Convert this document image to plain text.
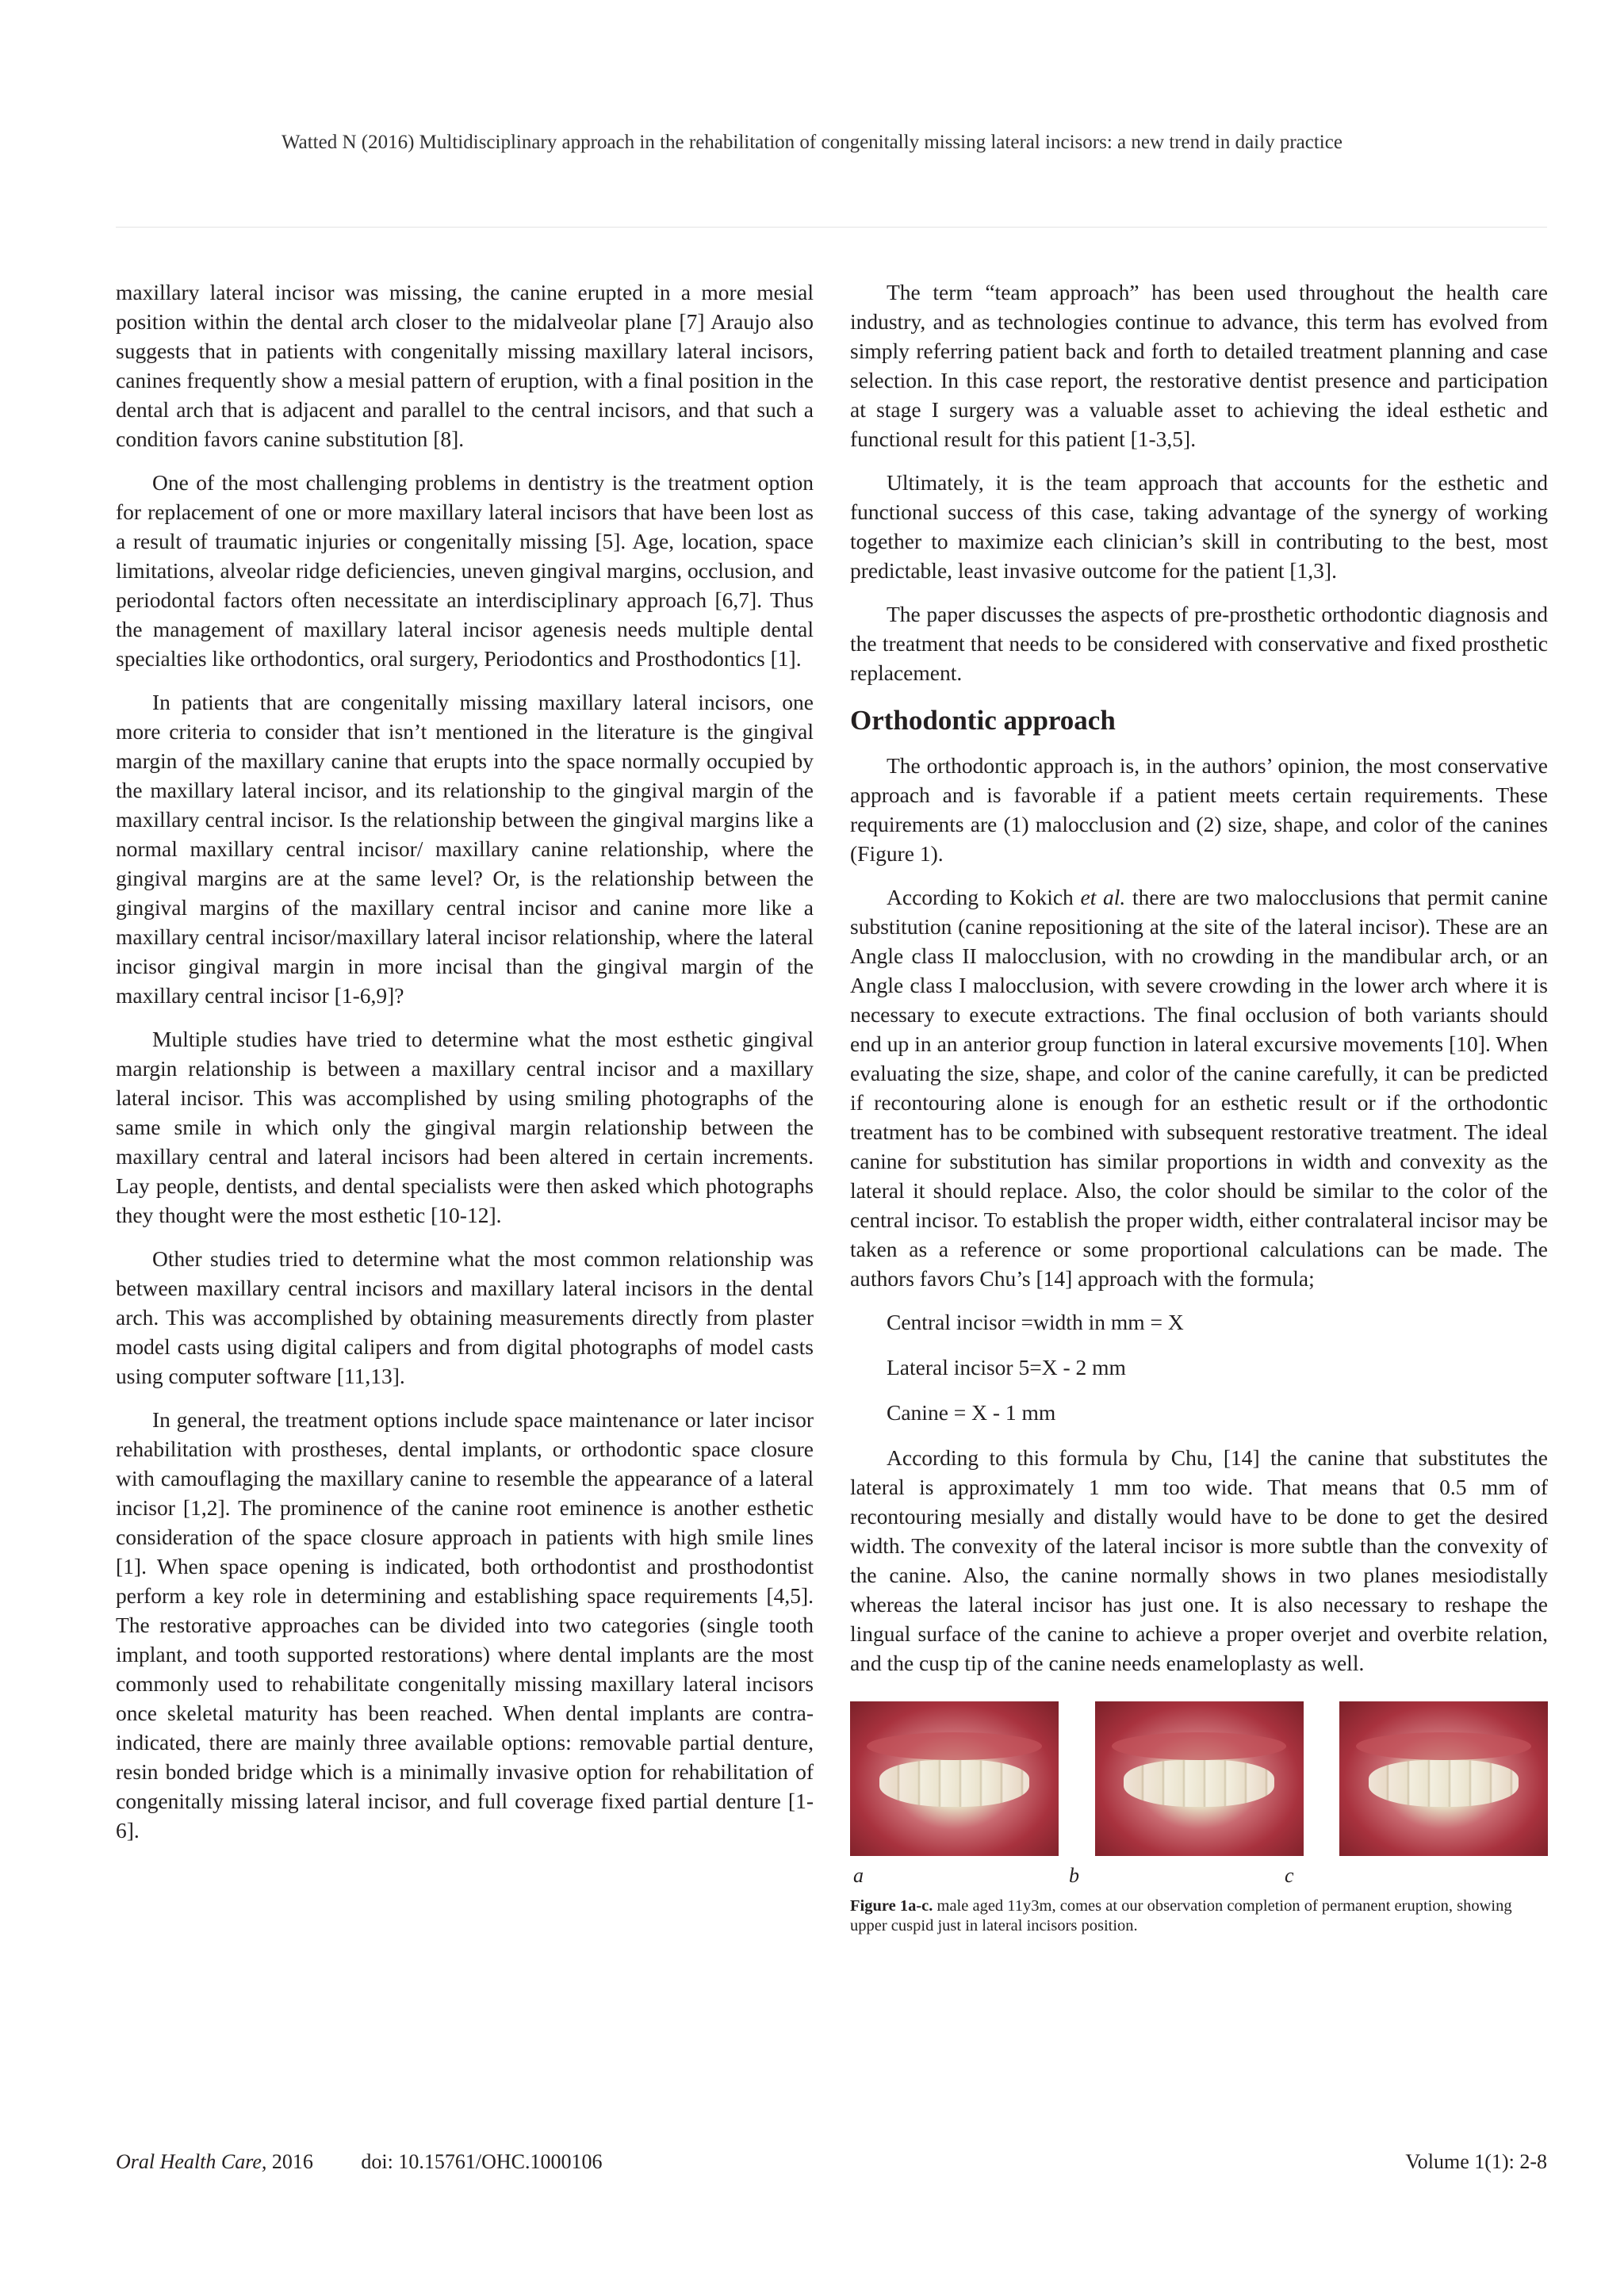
Watted N (2016) Multidisciplinary approach in the rehabilitation of congenitally missing lateral incisors: a new trend in daily practice

maxillary lateral incisor was missing, the canine erupted in a more mesial position within the dental arch closer to the midalveolar plane [7] Araujo also suggests that in patients with congenitally missing maxillary lateral incisors, canines frequently show a mesial pattern of eruption, with a final position in the dental arch that is adjacent and parallel to the central incisors, and that such a condition favors canine substitution [8].

One of the most challenging problems in dentistry is the treatment option for replacement of one or more maxillary lateral incisors that have been lost as a result of traumatic injuries or congenitally missing [5]. Age, location, space limitations, alveolar ridge deficiencies, uneven gingival margins, occlusion, and periodontal factors often necessitate an interdisciplinary approach [6,7]. Thus the management of maxillary lateral incisor agenesis needs multiple dental specialties like orthodontics, oral surgery, Periodontics and Prosthodontics [1].

In patients that are congenitally missing maxillary lateral incisors, one more criteria to consider that isn’t mentioned in the literature is the gingival margin of the maxillary canine that erupts into the space normally occupied by the maxillary lateral incisor, and its relationship to the gingival margin of the maxillary central incisor. Is the relationship between the gingival margins like a normal maxillary central incisor/ maxillary canine relationship, where the gingival margins are at the same level? Or, is the relationship between the gingival margins of the maxillary central incisor and canine more like a maxillary central incisor/maxillary lateral incisor relationship, where the lateral incisor gingival margin in more incisal than the gingival margin of the maxillary central incisor [1-6,9]?

Multiple studies have tried to determine what the most esthetic gingival margin relationship is between a maxillary central incisor and a maxillary lateral incisor. This was accomplished by using smiling photographs of the same smile in which only the gingival margin relationship between the maxillary central and lateral incisors had been altered in certain increments. Lay people, dentists, and dental specialists were then asked which photographs they thought were the most esthetic [10-12].

Other studies tried to determine what the most common relationship was between maxillary central incisors and maxillary lateral incisors in the dental arch. This was accomplished by obtaining measurements directly from plaster model casts using digital calipers and from digital photographs of model casts using computer software [11,13].

In general, the treatment options include space maintenance or later incisor rehabilitation with prostheses, dental implants, or orthodontic space closure with camouflaging the maxillary canine to resemble the appearance of a lateral incisor [1,2]. The prominence of the canine root eminence is another esthetic consideration of the space closure approach in patients with high smile lines [1]. When space opening is indicated, both orthodontist and prosthodontist perform a key role in determining and establishing space requirements [4,5]. The restorative approaches can be divided into two categories (single tooth implant, and tooth supported restorations) where dental implants are the most commonly used to rehabilitate congenitally missing maxillary lateral incisors once skeletal maturity has been reached. When dental implants are contra-indicated, there are mainly three available options: removable partial denture, resin bonded bridge which is a minimally invasive option for rehabilitation of congenitally missing lateral incisor, and full coverage fixed partial denture [1-6].

The term “team approach” has been used throughout the health care industry, and as technologies continue to advance, this term has evolved from simply referring patient back and forth to detailed treatment planning and case selection. In this case report, the restorative dentist presence and participation at stage I surgery was a valuable asset to achieving the ideal esthetic and functional result for this patient [1-3,5].

Ultimately, it is the team approach that accounts for the esthetic and functional success of this case, taking advantage of the synergy of working together to maximize each clinician’s skill in contributing to the best, most predictable, least invasive outcome for the patient [1,3].

The paper discusses the aspects of pre-prosthetic orthodontic diagnosis and the treatment that needs to be considered with conservative and fixed prosthetic replacement.

Orthodontic approach

The orthodontic approach is, in the authors’ opinion, the most conservative approach and is favorable if a patient meets certain requirements. These requirements are (1) malocclusion and (2) size, shape, and color of the canines (Figure 1).

According to Kokich et al. there are two malocclusions that permit canine substitution (canine repositioning at the site of the lateral incisor). These are an Angle class II malocclusion, with no crowding in the mandibular arch, or an Angle class I malocclusion, with severe crowding in the lower arch where it is necessary to execute extractions. The final occlusion of both variants should end up in an anterior group function in lateral excursive movements [10]. When evaluating the size, shape, and color of the canine carefully, it can be predicted if recontouring alone is enough for an esthetic result or if the orthodontic treatment has to be combined with subsequent restorative treatment. The ideal canine for substitution has similar proportions in width and convexity as the lateral it should replace. Also, the color should be similar to the color of the central incisor. To establish the proper width, either contralateral incisor may be taken as a reference or some proportional calculations can be made. The authors favors Chu’s [14] approach with the formula;

Central incisor =width in mm = X

Lateral incisor 5=X - 2 mm

Canine = X - 1 mm

According to this formula by Chu, [14] the canine that substitutes the lateral is approximately 1 mm too wide. That means that 0.5 mm of recontouring mesially and distally would have to be done to get the desired width. The convexity of the lateral incisor is more subtle than the convexity of the canine. Also, the canine normally shows in two planes mesiodistally whereas the lateral incisor has just one. It is also necessary to reshape the lingual surface of the canine to achieve a proper overjet and overbite relation, and the cusp tip of the canine needs enameloplasty as well.

a	b	c
Figure 1a-c. male aged 11y3m, comes at our observation completion of permanent eruption, showing upper cuspid just in lateral incisors position.
Oral Health Care, 2016 doi: 10.15761/OHC.1000106	Volume 1(1): 2-8
